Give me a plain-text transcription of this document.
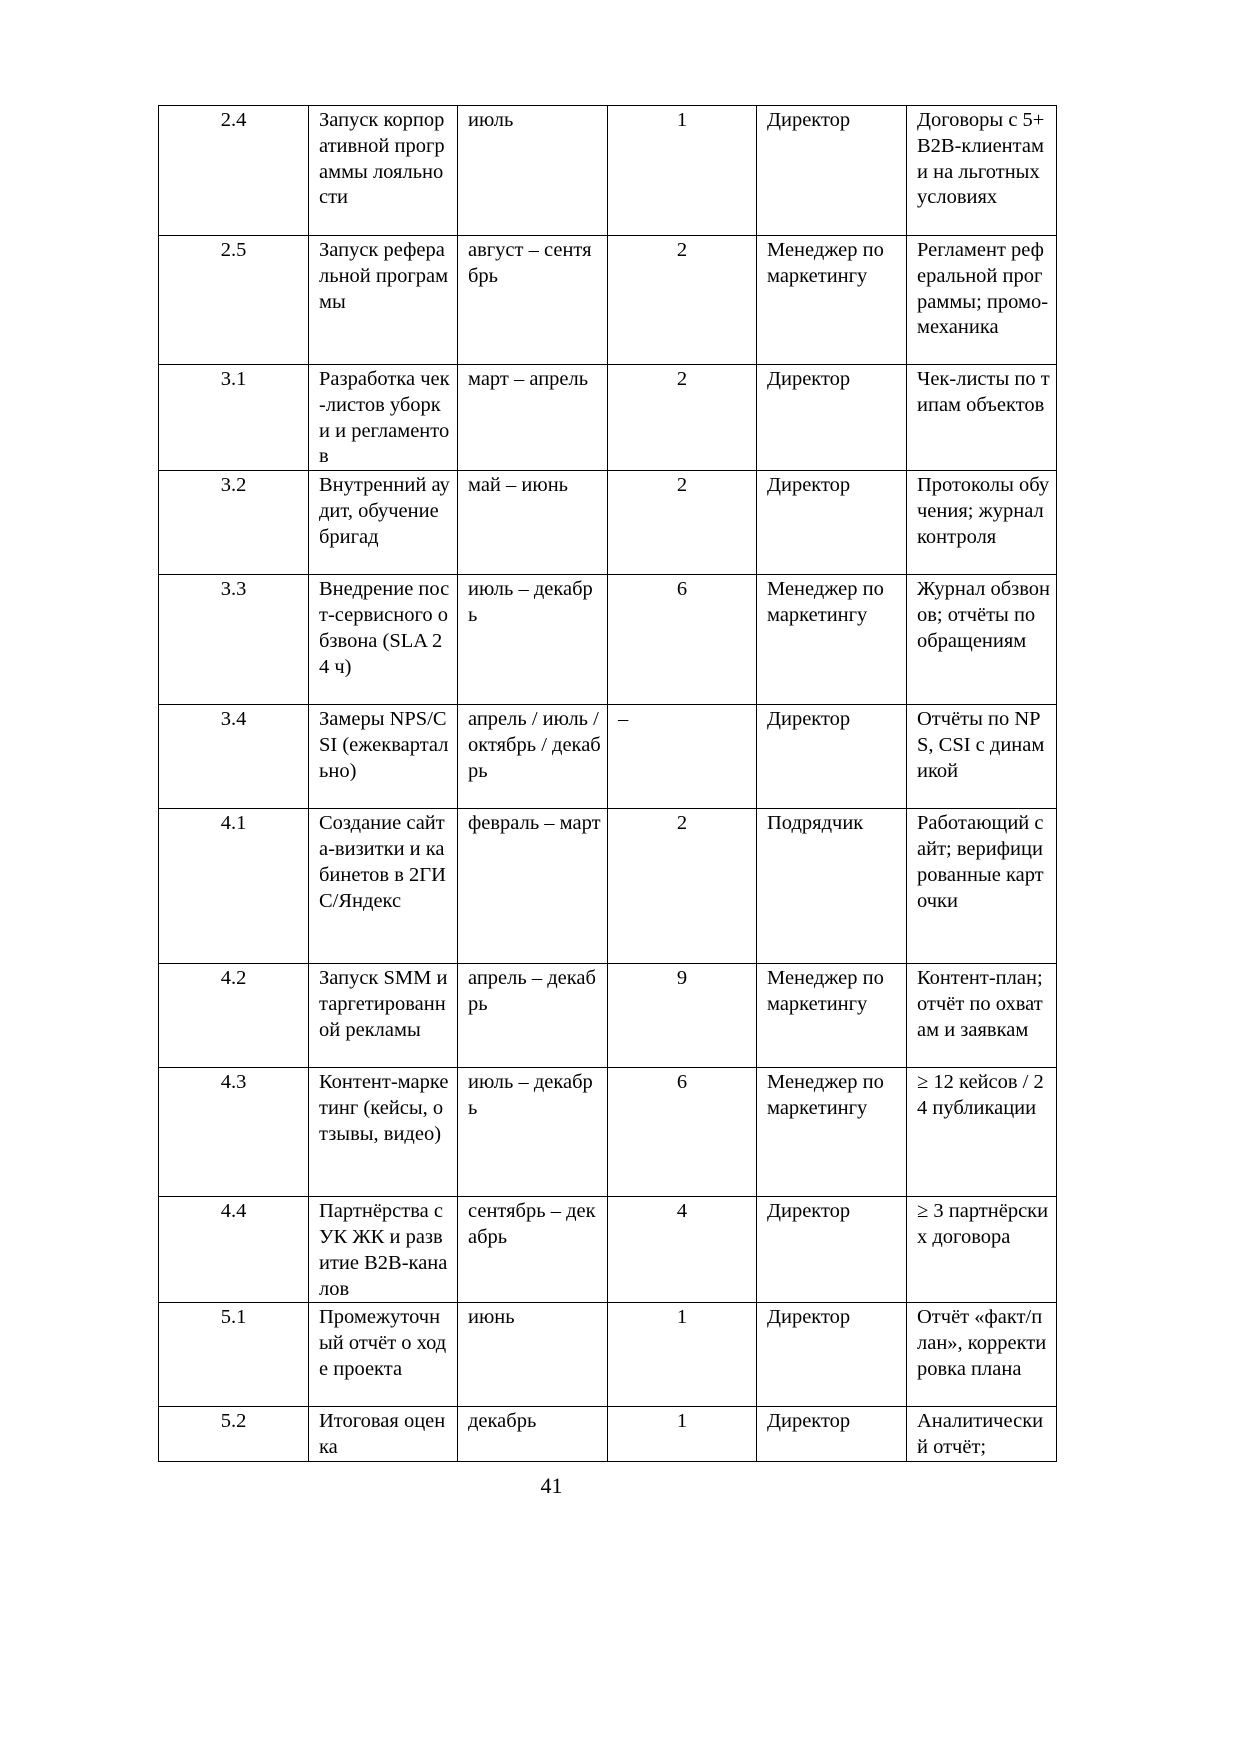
2.4	Запуск корпоративной программы лояльности	июль	1	Директор	Договоры с 5+ B2B-клиентами на льготных условиях
2.5	Запуск реферальной программы	август – сентябрь	2	Менеджер по маркетингу	Регламент реферальной программы; промо-механика
3.1	Разработка чек-листов уборки и регламентов	март – апрель	2	Директор	Чек-листы по типам объектов
3.2	Внутренний аудит, обучение бригад	май – июнь	2	Директор	Протоколы обучения; журнал контроля
3.3	Внедрение пост-сервисного обзвона (SLA 24 ч)	июль – декабрь	6	Менеджер по маркетингу	Журнал обзвонов; отчёты по обращениям
3.4	Замеры NPS/CSI (ежеквартально)	апрель / июль / октябрь / декабрь	–	Директор	Отчёты по NPS, CSI с динамикой
4.1	Создание сайта-визитки и кабинетов в 2ГИС/Яндекс	февраль – март	2	Подрядчик	Работающий сайт; верифицированные карточки
4.2	Запуск SMM и таргетированной рекламы	апрель – декабрь	9	Менеджер по маркетингу	Контент-план; отчёт по охватам и заявкам
4.3	Контент-маркетинг (кейсы, отзывы, видео)	июль – декабрь	6	Менеджер по маркетингу	≥ 12 кейсов / 24 публикации
4.4	Партнёрства с УК ЖК и развитие B2B-каналов	сентябрь – декабрь	4	Директор	≥ 3 партнёрских договора
5.1	Промежуточный отчёт о ходе проекта	июнь	1	Директор	Отчёт «факт/план», корректировка плана
5.2	Итоговая оценка	декабрь	1	Директор	Аналитический отчёт;
41
